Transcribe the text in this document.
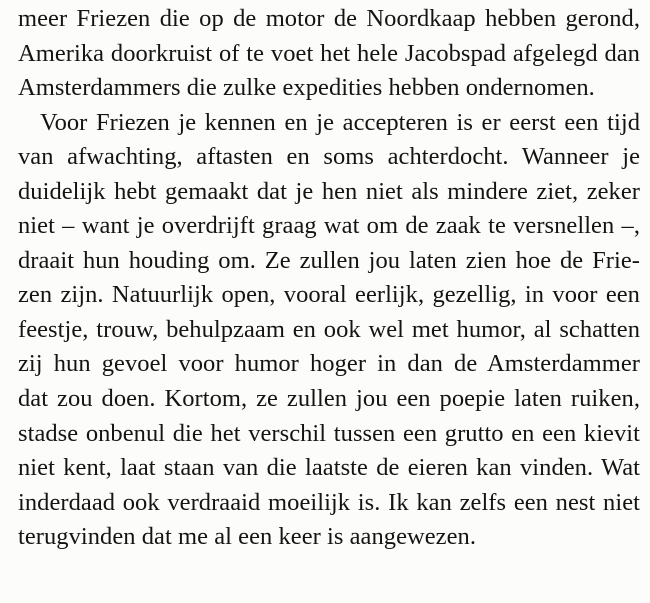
meer Friezen die op de motor de Noordkaap hebben gerond,
Amerika doorkruist of te voet het hele Jacobspad afgelegd dan
Amsterdammers die zulke expedities hebben ondernomen.
Voor Friezen je kennen en je accepteren is er eerst een tijd
van afwachting, aftasten en soms achterdocht. Wanneer je
duidelijk hebt gemaakt dat je hen niet als mindere ziet, zeker
niet – want je overdrijft graag wat om de zaak te versnellen –,
draait hun houding om. Ze zullen jou laten zien hoe de Frie-
zen zijn. Natuurlijk open, vooral eerlijk, gezellig, in voor een
feestje, trouw, behulpzaam en ook wel met humor, al schatten
zij hun gevoel voor humor hoger in dan de Amsterdammer
dat zou doen. Kortom, ze zullen jou een poepie laten ruiken,
stadse onbenul die het verschil tussen een grutto en een kievit
niet kent, laat staan van die laatste de eieren kan vinden. Wat
inderdaad ook verdraaid moeilijk is. Ik kan zelfs een nest niet
terugvinden dat me al een keer is aangewezen.
